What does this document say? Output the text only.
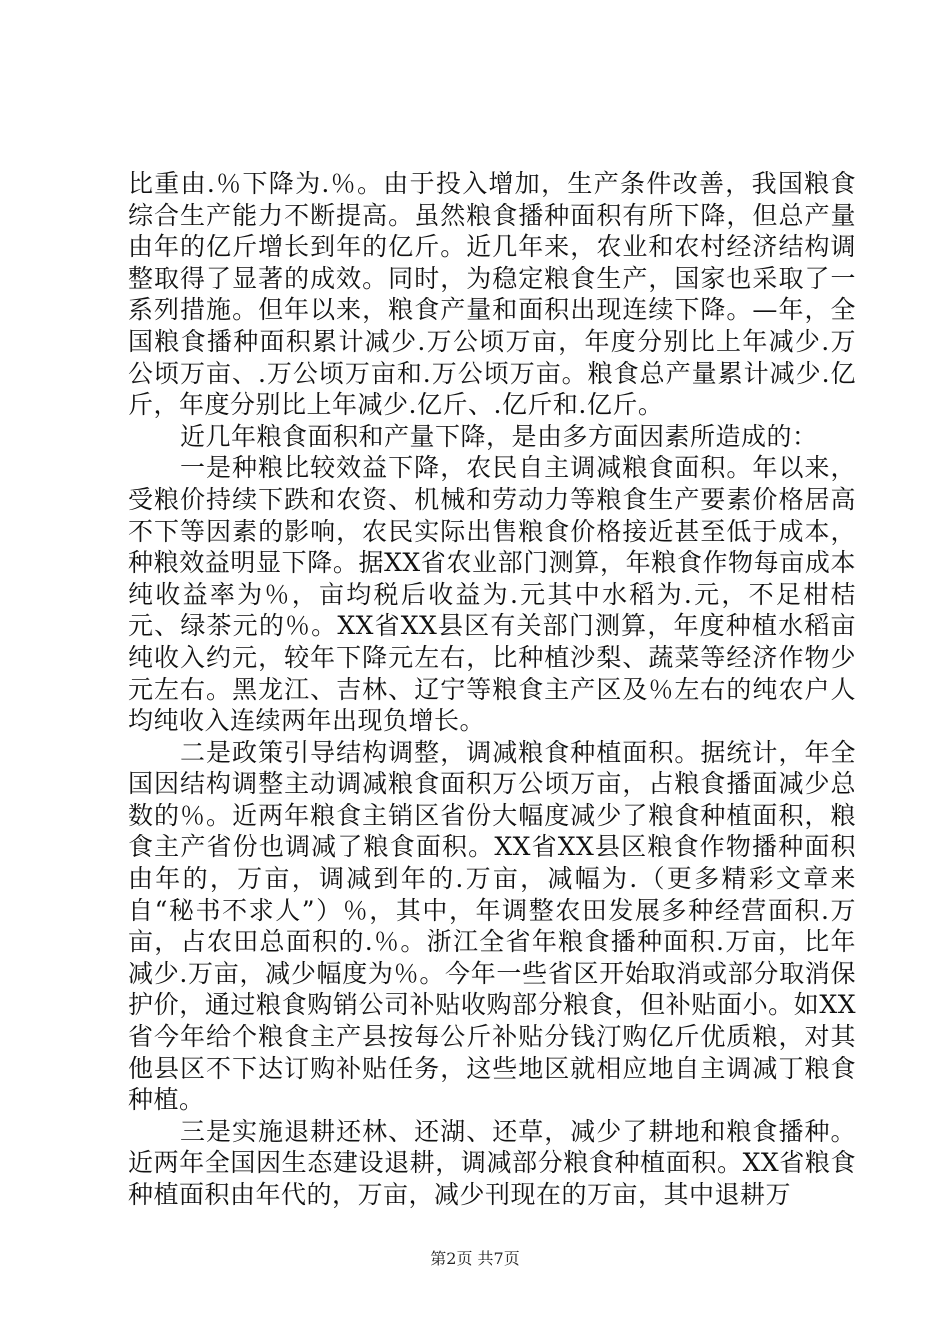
比重由.％下降为.％。由于投入增加，生产条件改善，我国粮食综合生产能力不断提高。虽然粮食播种面积有所下降，但总产量由年的亿斤增长到年的亿斤。近几年来，农业和农村经济结构调整取得了显著的成效。同时，为稳定粮食生产，国家也采取了一系列措施。但年以来，粮食产量和面积出现连续下降。—年，全国粮食播种面积累计减少.万公顷万亩，年度分别比上年减少.万公顷万亩、.万公顷万亩和.万公顷万亩。粮食总产量累计减少.亿斤，年度分别比上年减少.亿斤、.亿斤和.亿斤。

近几年粮食面积和产量下降，是由多方面因素所造成的：

一是种粮比较效益下降，农民自主调减粮食面积。年以来，受粮价持续下跌和农资、机械和劳动力等粮食生产要素价格居高不下等因素的影响，农民实际出售粮食价格接近甚至低于成本，种粮效益明显下降。据XX省农业部门测算，年粮食作物每亩成本纯收益率为％，亩均税后收益为.元其中水稻为.元，不足柑桔元、绿茶元的％。XX省XX县区有关部门测算，年度种植水稻亩纯收入约元，较年下降元左右，比种植沙梨、蔬菜等经济作物少元左右。黑龙江、吉林、辽宁等粮食主产区及％左右的纯农户人均纯收入连续两年出现负增长。

二是政策引导结构调整，调减粮食种植面积。据统计，年全国因结构调整主动调减粮食面积万公顷万亩，占粮食播面减少总数的％。近两年粮食主销区省份大幅度减少了粮食种植面积，粮食主产省份也调减了粮食面积。XX省XX县区粮食作物播种面积由年的，万亩，调减到年的.万亩，减幅为.（更多精彩文章来自“秘书不求人”）％，其中，年调整农田发展多种经营面积.万亩，占农田总面积的.％。浙江全省年粮食播种面积.万亩，比年减少.万亩，减少幅度为％。今年一些省区开始取消或部分取消保护价，通过粮食购销公司补贴收购部分粮食，但补贴面小。如XX省今年给个粮食主产县按每公斤补贴分钱汀购亿斤优质粮，对其他县区不下达订购补贴任务，这些地区就相应地自主调减丁粮食种植。

三是实施退耕还林、还湖、还草，减少了耕地和粮食播种。近两年全国因生态建设退耕，调减部分粮食种植面积。XX省粮食种植面积由年代的，万亩，减少刊现在的万亩，其中退耕万

第2页 共7页
